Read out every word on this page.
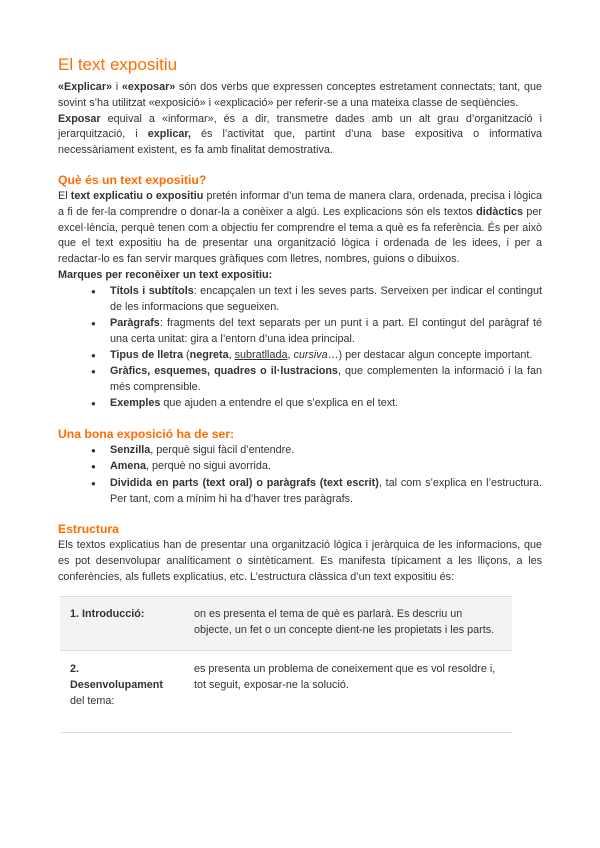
El text expositiu

«Explicar» i «exposar» són dos verbs que expressen conceptes estretament connectats; tant, que sovint s’ha utilitzat «exposició» i «explicació» per referir-se a una mateixa classe de seqüències.

Exposar equival a «informar», és a dir, transmetre dades amb un alt grau d’organització i jerarquització, i explicar, és l’activitat que, partint d’una base expositiva o informativa necessàriament existent, es fa amb finalitat demostrativa.

Què és un text expositiu?

El text explicatiu o expositiu pretén informar d’un tema de manera clara, ordenada, precisa i lògica a fi de fer-la comprendre o donar-la a conèixer a algú. Les explicacions són els textos didàctics per excel·lència, perquè tenen com a objectiu fer comprendre el tema a què es fa referència. És per això que el text expositiu ha de presentar una organització lògica i ordenada de les idees, i per a redactar-lo es fan servir marques gràfiques com lletres, nombres, guions o dibuixos.

Marques per reconèixer un text expositiu:

● Títols i subtítols: encapçalen un text i les seves parts. Serveixen per indicar el contingut de les informacions que segueixen.
● Paràgrafs: fragments del text separats per un punt i a part. El contingut del paràgraf té una certa unitat: gira a l’entorn d’una idea principal.
● Tipus de lletra (negreta, subratllada, cursiva…) per destacar algun concepte important.
● Gràfics, esquemes, quadres o il·lustracions, que complementen la informació i la fan més comprensible.
● Exemples que ajuden a entendre el que s’explica en el text.
Una bona exposició ha de ser:
● Senzilla, perquè sigui fàcil d’entendre.
● Amena, perquè no sigui avorrida.
● Dividida en parts (text oral) o paràgrafs (text escrit), tal com s’explica en l’estructura. Per tant, com a mínim hi ha d’haver tres paràgrafs.
Estructura

Els textos explicatius han de presentar una organització lògica i jeràrquica de les informacions, que es pot desenvolupar analíticament o sintèticament. Es manifesta típicament a les lliçons, a les conferències, als fullets explicatius, etc. L’estructura clàssica d’un text expositiu és:

1. Introducció:	on es presenta el tema de què es parlarà. Es descriu un objecte, un fet o un concepte dient-ne les propietats i les parts.
2.
Desenvolupament
del tema:
es presenta un problema de coneixement que es vol resoldre i, tot seguit, exposar-ne la solució.
